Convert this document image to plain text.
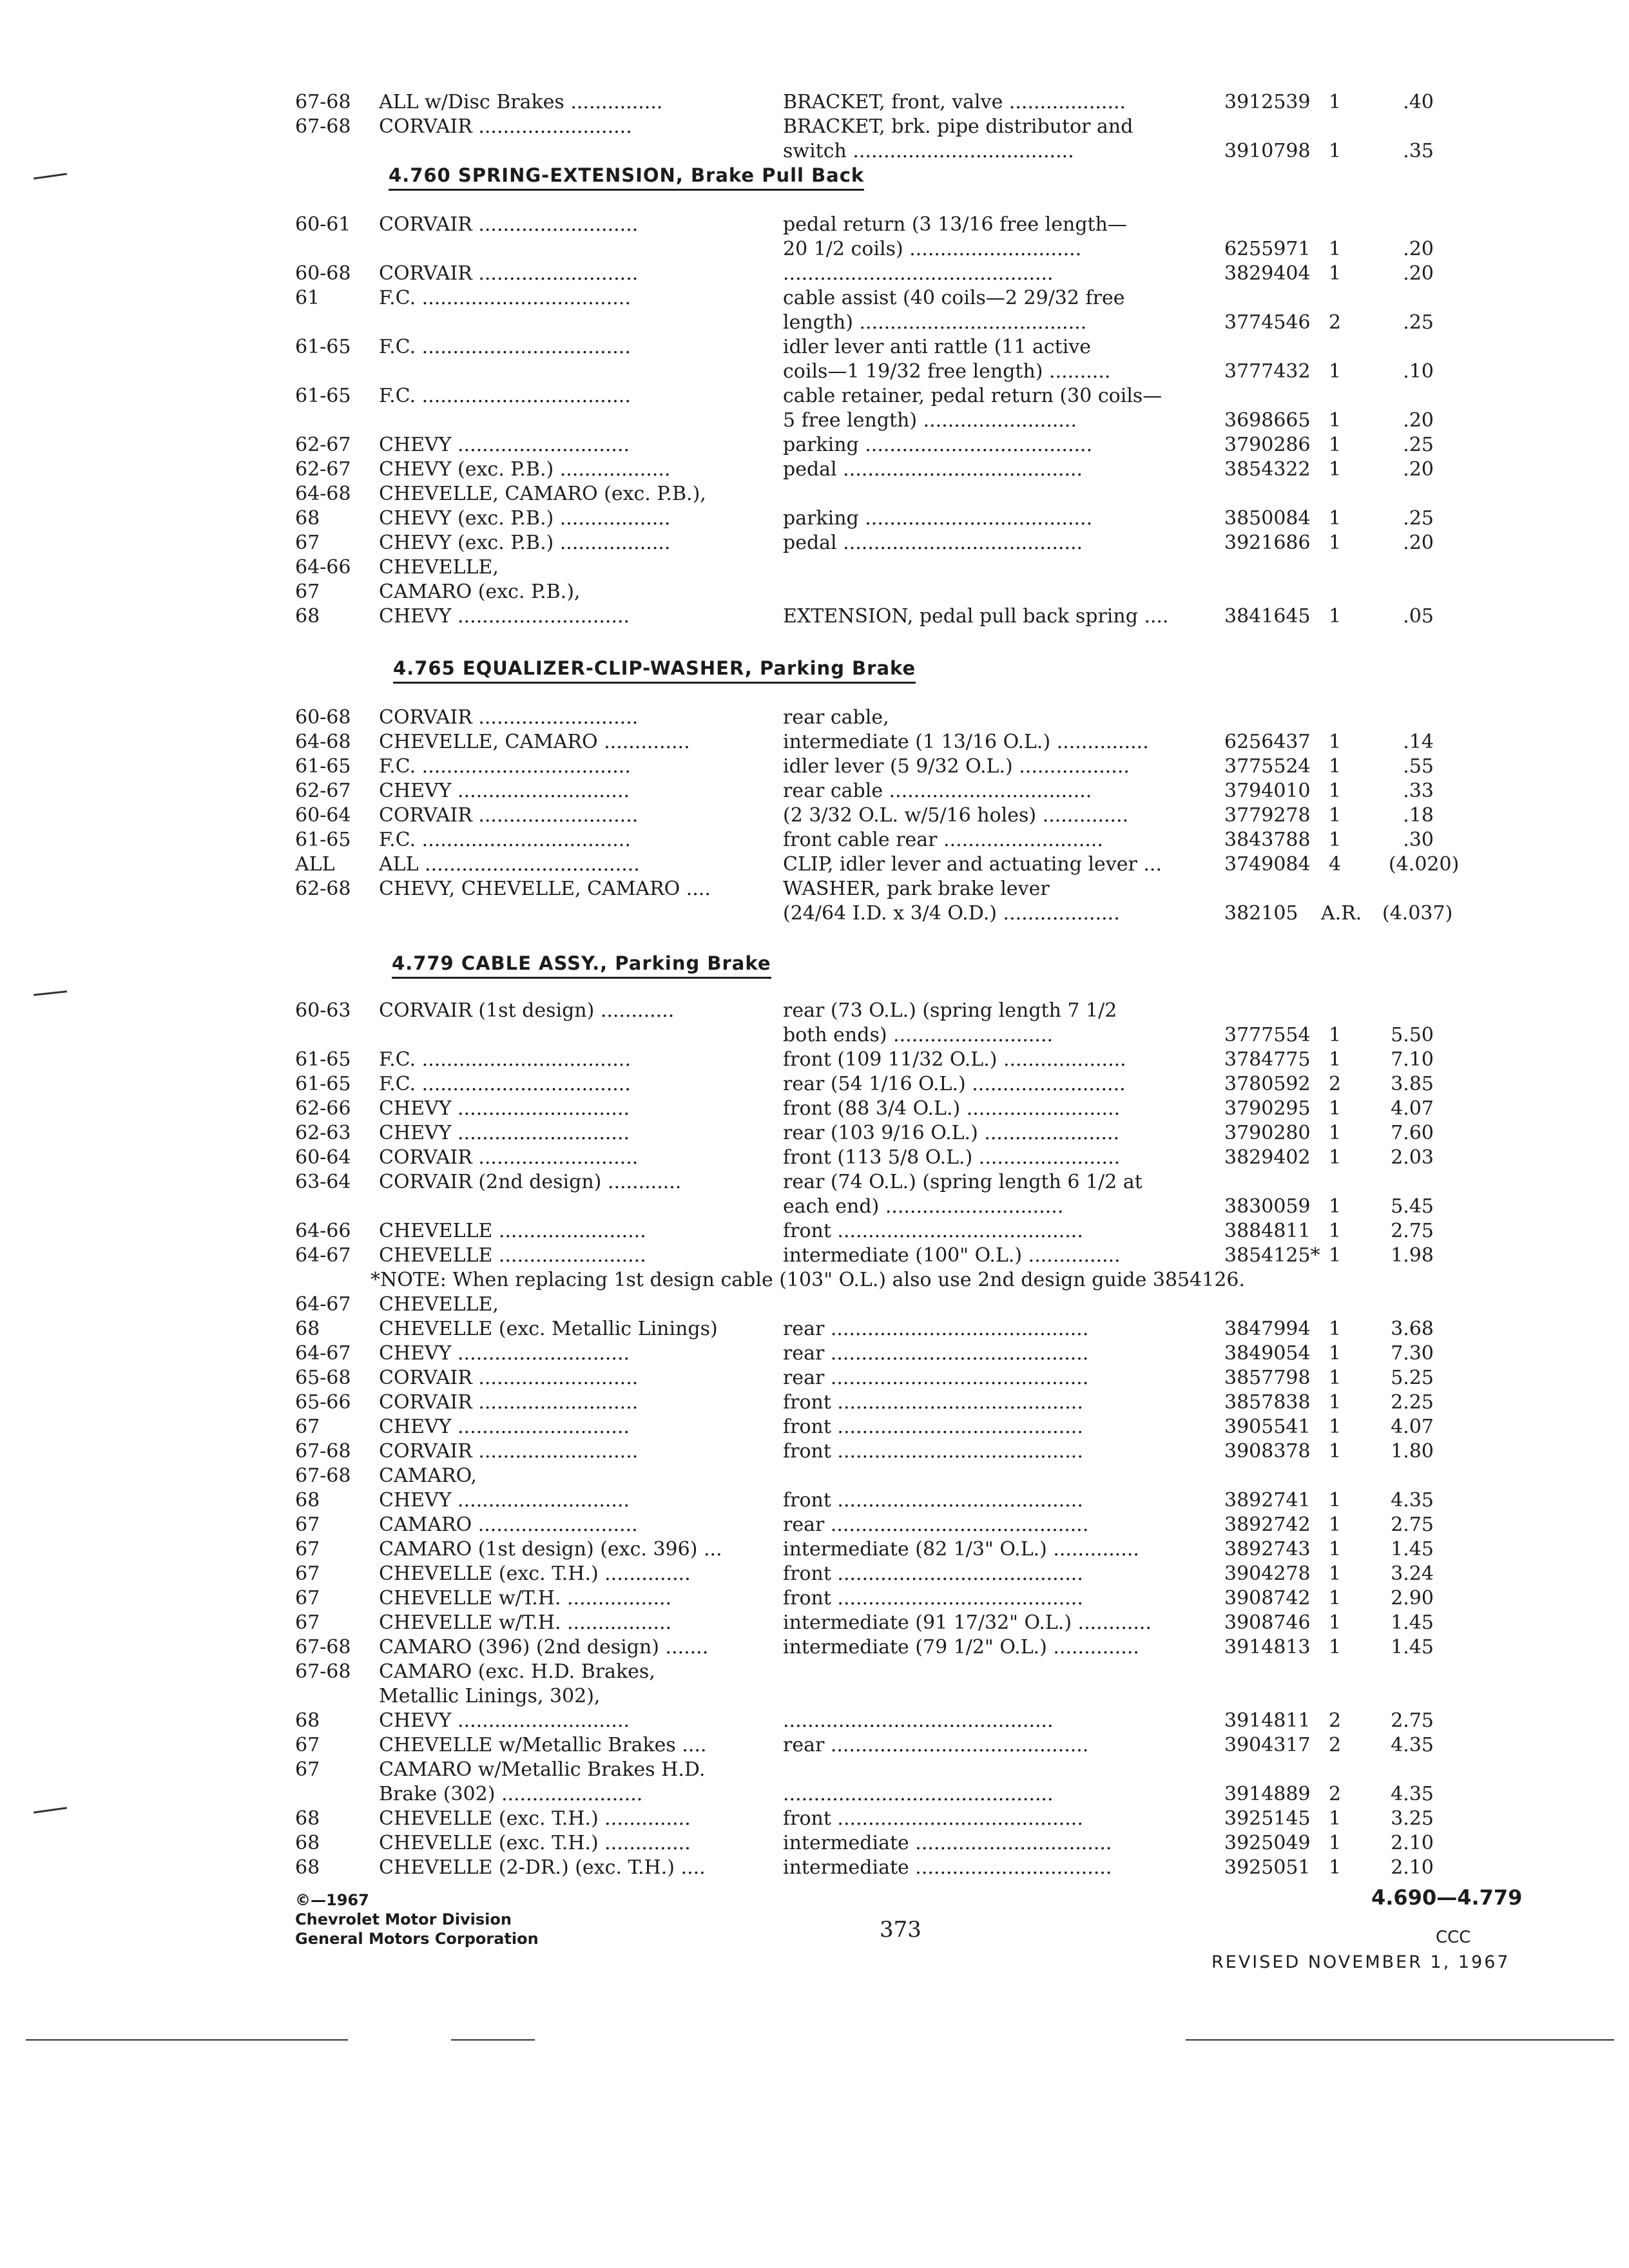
67-68 ALL w/Disc Brakes ...............	BRACKET, front, valve ...................	3912539 1	.40
67-68 CORVAIR .........................	BRACKET, brk. pipe distributor and
switch ....................................	3910798 1	.35
4.760 SPRING-EXTENSION, Brake Pull Back
60-61 CORVAIR ..........................	pedal return (3 13/16 free length—
20 1/2 coils) ............................	6255971 1	.20
60-68 CORVAIR ..........................	............................................	3829404 1	.20
61	F.C. ..................................	cable assist (40 coils—2 29/32 free
length) .....................................	3774546 2	.25
61-65 F.C. ..................................	idler lever anti rattle (11 active
coils—1 19/32 free length) ..........	3777432 1	.10
61-65 F.C. ..................................	cable retainer, pedal return (30 coils—
5 free length) .........................	3698665 1	.20
62-67 CHEVY ............................	parking .....................................	3790286 1	.25
62-67 CHEVY (exc. P.B.) ..................	pedal .......................................	3854322 1	.20
64-68 CHEVELLE, CAMARO (exc. P.B.),
68	CHEVY (exc. P.B.) ..................	parking .....................................	3850084 1	.25
67	CHEVY (exc. P.B.) ..................	pedal .......................................	3921686 1	.20
64-66 CHEVELLE,
67	CAMARO (exc. P.B.),
68	CHEVY ............................	EXTENSION, pedal pull back spring ....	3841645 1	.05
4.765 EQUALIZER-CLIP-WASHER, Parking Brake
60-68 CORVAIR ..........................	rear cable,
64-68 CHEVELLE, CAMARO ..............	intermediate (1 13/16 O.L.) ...............	6256437 1	.14
61-65 F.C. ..................................	idler lever (5 9/32 O.L.) ..................	3775524 1	.55
62-67 CHEVY ............................	rear cable .................................	3794010 1	.33
60-64 CORVAIR ..........................	(2 3/32 O.L. w/5/16 holes) ..............	3779278 1	.18
61-65 F.C. ..................................	front cable rear ..........................	3843788 1	.30
ALL ALL ...................................	CLIP, idler lever and actuating lever ...	3749084 4 (4.020)
62-68 CHEVY, CHEVELLE, CAMARO ....	WASHER, park brake lever
(24/64 I.D. x 3/4 O.D.) ...................	382105 A.R. (4.037)
4.779 CABLE ASSY., Parking Brake
60-63 CORVAIR (1st design) ............	rear (73 O.L.) (spring length 7 1/2
both ends) ..........................	3777554 1	5.50
61-65 F.C. ..................................	front (109 11/32 O.L.) ....................	3784775 1	7.10
61-65 F.C. ..................................	rear (54 1/16 O.L.) .........................	3780592 2	3.85
62-66 CHEVY ............................	front (88 3/4 O.L.) .........................	3790295 1	4.07
62-63 CHEVY ............................	rear (103 9/16 O.L.) ......................	3790280 1	7.60
60-64 CORVAIR ..........................	front (113 5/8 O.L.) .......................	3829402 1	2.03
63-64 CORVAIR (2nd design) ............	rear (74 O.L.) (spring length 6 1/2 at
each end) .............................	3830059 1	5.45
64-66 CHEVELLE ........................	front ........................................	3884811 1	2.75
64-67 CHEVELLE ........................	intermediate (100" O.L.) ...............	3854125* 1	1.98
*NOTE: When replacing 1st design cable (103" O.L.) also use 2nd design guide 3854126.
64-67 CHEVELLE,
68	CHEVELLE (exc. Metallic Linings)	rear ..........................................	3847994 1	3.68
64-67 CHEVY ............................	rear ..........................................	3849054 1	7.30
65-68 CORVAIR ..........................	rear ..........................................	3857798 1	5.25
65-66 CORVAIR ..........................	front ........................................	3857838 1	2.25
67	CHEVY ............................	front ........................................	3905541 1	4.07
67-68 CORVAIR ..........................	front ........................................	3908378 1	1.80
67-68 CAMARO,
68	CHEVY ............................	front ........................................	3892741 1	4.35
67	CAMARO ..........................	rear ..........................................	3892742 1	2.75
67	CAMARO (1st design) (exc. 396) ...	intermediate (82 1/3" O.L.) ..............	3892743 1	1.45
67	CHEVELLE (exc. T.H.) ..............	front ........................................	3904278 1	3.24
67	CHEVELLE w/T.H. .................	front ........................................	3908742 1	2.90
67	CHEVELLE w/T.H. .................	intermediate (91 17/32" O.L.) ............	3908746 1	1.45
67-68 CAMARO (396) (2nd design) .......	intermediate (79 1/2" O.L.) ..............	3914813 1	1.45
67-68 CAMARO (exc. H.D. Brakes,
Metallic Linings, 302),
68	CHEVY ............................	............................................	3914811 2	2.75
67	CHEVELLE w/Metallic Brakes ....	rear ..........................................	3904317 2	4.35
67	CAMARO w/Metallic Brakes H.D.
Brake (302) .......................	............................................	3914889 2	4.35
68	CHEVELLE (exc. T.H.) ..............	front ........................................	3925145 1	3.25
68	CHEVELLE (exc. T.H.) ..............	intermediate ................................	3925049 1	2.10
68	CHEVELLE (2-DR.) (exc. T.H.) ....	intermediate ................................	3925051 1	2.10
©—1967
Chevrolet Motor Division
General Motors Corporation	373
4.690—4.779
CCC
REVISED NOVEMBER 1, 1967
